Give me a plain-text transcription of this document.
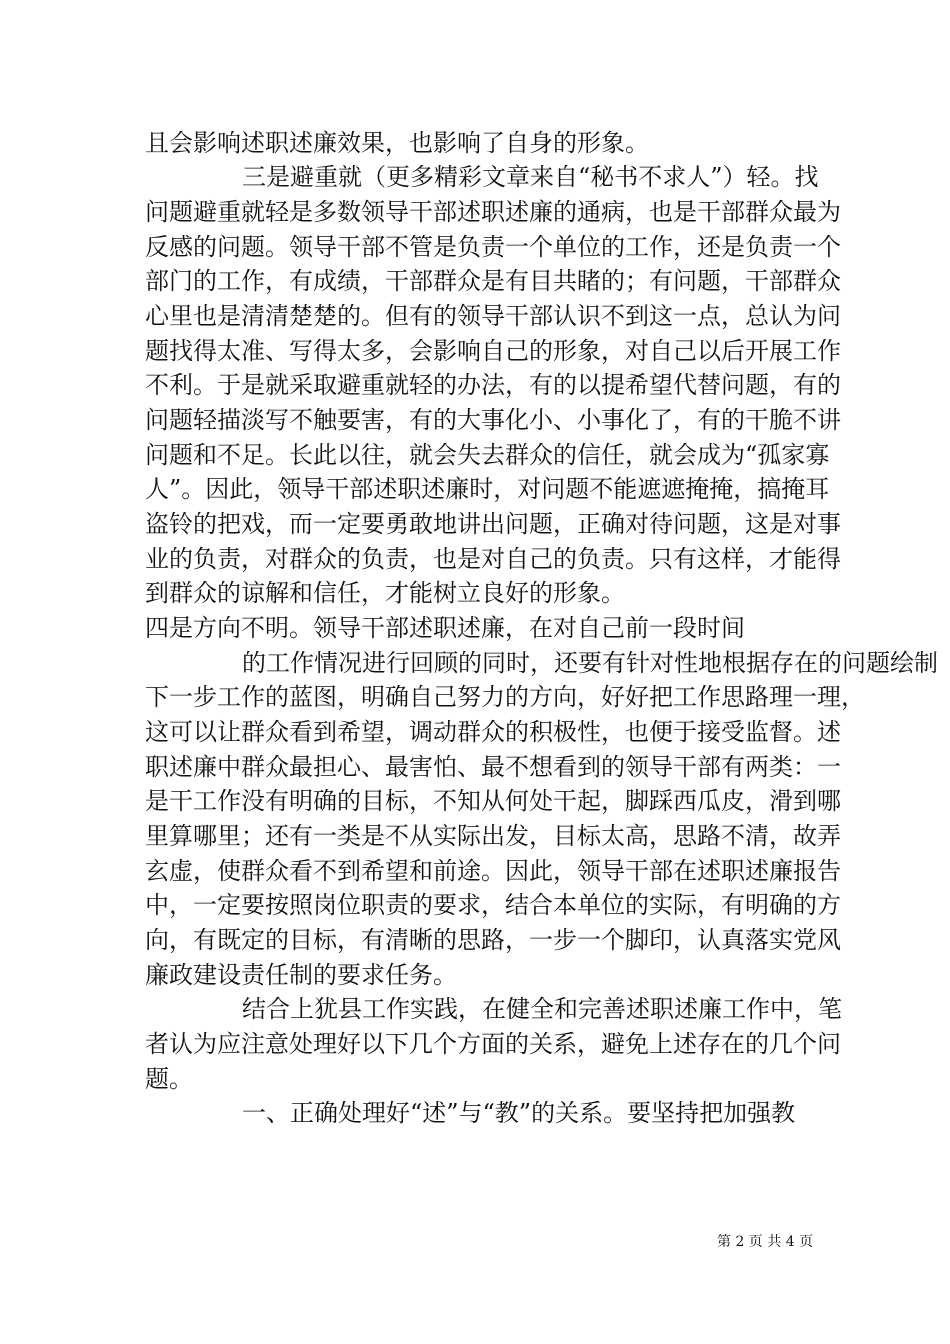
且会影响述职述廉效果，也影响了自身的形象。
三是避重就（更多精彩文章来自“秘书不求人”）轻。找
问题避重就轻是多数领导干部述职述廉的通病，也是干部群众最为
反感的问题。领导干部不管是负责一个单位的工作，还是负责一个
部门的工作，有成绩，干部群众是有目共睹的；有问题，干部群众
心里也是清清楚楚的。但有的领导干部认识不到这一点，总认为问
题找得太准、写得太多，会影响自己的形象，对自己以后开展工作
不利。于是就采取避重就轻的办法，有的以提希望代替问题，有的
问题轻描淡写不触要害，有的大事化小、小事化了，有的干脆不讲
问题和不足。长此以往，就会失去群众的信任，就会成为“孤家寡
人”。因此，领导干部述职述廉时，对问题不能遮遮掩掩，搞掩耳
盗铃的把戏，而一定要勇敢地讲出问题，正确对待问题，这是对事
业的负责，对群众的负责，也是对自己的负责。只有这样，才能得
到群众的谅解和信任，才能树立良好的形象。
四是方向不明。领导干部述职述廉，在对自己前一段时间
的工作情况进行回顾的同时，还要有针对性地根据存在的问题绘制
下一步工作的蓝图，明确自己努力的方向，好好把工作思路理一理，
这可以让群众看到希望，调动群众的积极性，也便于接受监督。述
职述廉中群众最担心、最害怕、最不想看到的领导干部有两类：一
是干工作没有明确的目标，不知从何处干起，脚踩西瓜皮，滑到哪
里算哪里；还有一类是不从实际出发，目标太高，思路不清，故弄
玄虚，使群众看不到希望和前途。因此，领导干部在述职述廉报告
中，一定要按照岗位职责的要求，结合本单位的实际，有明确的方
向，有既定的目标，有清晰的思路，一步一个脚印，认真落实党风
廉政建设责任制的要求任务。
结合上犹县工作实践，在健全和完善述职述廉工作中，笔
者认为应注意处理好以下几个方面的关系，避免上述存在的几个问
题。
一、正确处理好“述”与“教”的关系。要坚持把加强教
第 2 页 共 4 页
